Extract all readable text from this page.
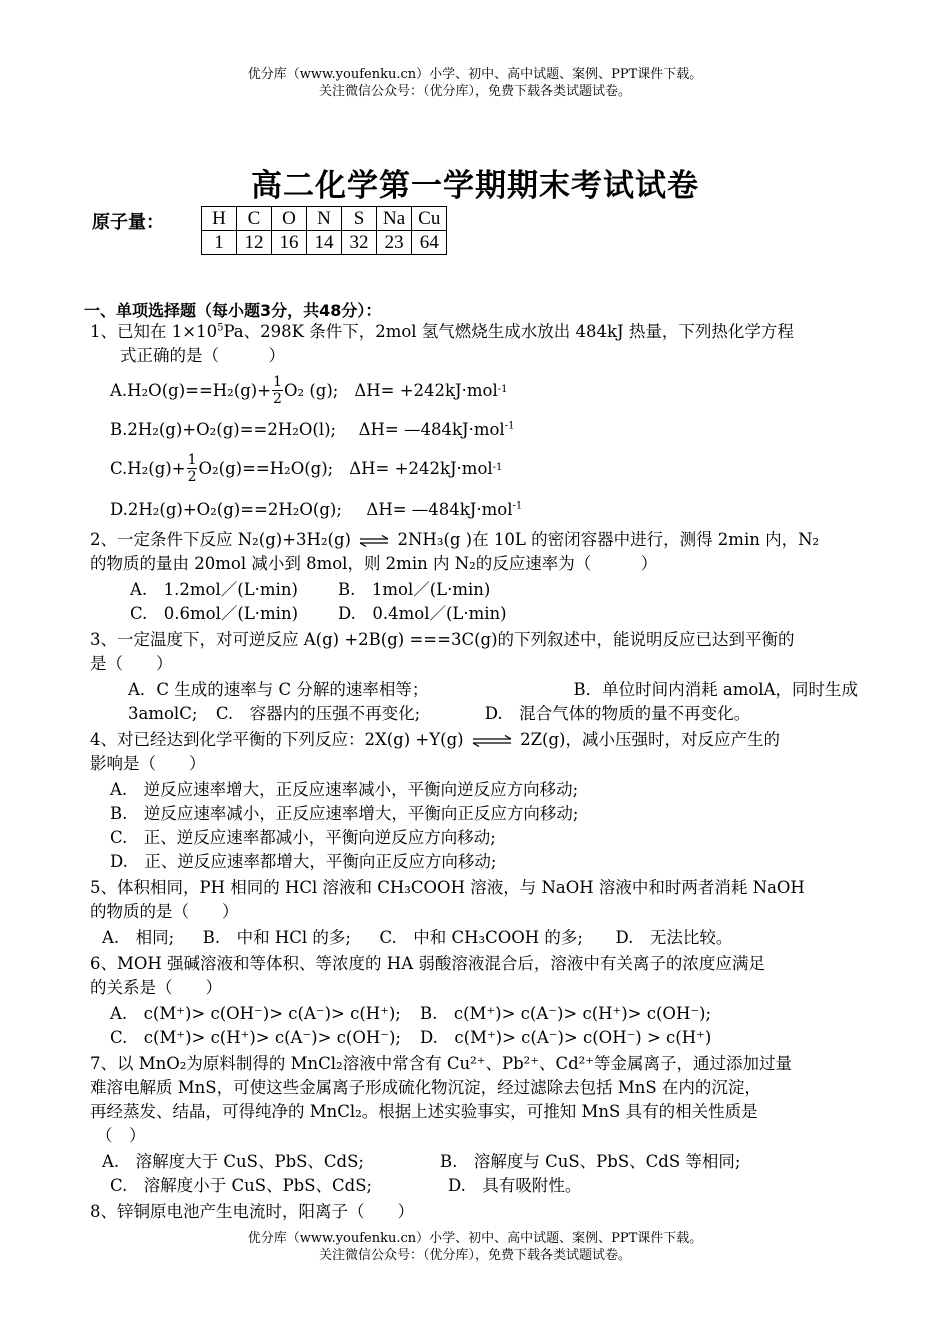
优分库（www.youfenku.cn）小学、初中、高中试题、案例、PPT课件下载。
关注微信公众号：（优分库），免费下载各类试题试卷。
高二化学第一学期期末考试试卷
原子量：	H	C	O	N	S	Na	Cu
1	12	16	14	32	23	64
一、单项选择题（每小题3分，共48分）：
1、已知在 $1\times 10^5Pa$、298K 条件下，2mol 氢气燃烧生成水放出 484kJ 热量，下列热化学方程
式正确的是（　　　）
$A.H_2O(g)==H_2(g)+ \frac{1}{2} O_2$ (g); ΔH= +242kJ·mol -1
B.2H₂(g)+O₂(g)==2H₂O(l); ΔH= —484kJ·mol$^{-1}$
$C.H_2(g)+ \frac{1}{2} O_2(g)==H_2O(g)$; ΔH= +242kJ·mol -1
D.2H₂(g)+O₂(g)==2H₂O(g); ΔH= —484kJ·mol$^{-1}$
2、一定条件下反应 N₂(g)+3H₂(g) ⇌ 2NH₃(g )在 10L 的密闭容器中进行，测得 2min 内，N₂
的物质的量由 20mol 减小到 8mol，则 2min 内 N₂的反应速率为（　　　）
A.　1.2mol／(L·min) B.　1mol／(L·min)
C.　0.6mol／(L·min) D.　0.4mol／(L·min)
3、一定温度下，对可逆反应 A(g) +2B(g) ===3C(g)的下列叙述中，能说明反应已达到平衡的
是（　　）
A．C 生成的速率与 C 分解的速率相等；	B．单位时间内消耗 amolA，同时生成
3amolC; C.　容器内的压强不再变化;	D.　混合气体的物质的量不再变化。
4、对已经达到化学平衡的下列反应：2X(g) +Y(g) ⇌ 2Z(g)，减小压强时，对反应产生的
影响是（　　）
A.　逆反应速率增大，正反应速率减小，平衡向逆反应方向移动;
B.　逆反应速率减小，正反应速率增大，平衡向正反应方向移动;
C.　正、逆反应速率都减小，平衡向逆反应方向移动;
D.　正、逆反应速率都增大，平衡向正反应方向移动;
5、体积相同，PH 相同的 HCl 溶液和 CH₃COOH 溶液，与 NaOH 溶液中和时两者消耗 NaOH
的物质的是（　　）
A.　相同; B.　中和 HCl 的多; C.　中和 CH₃COOH 的多; D.　无法比较。
6、MOH 强碱溶液和等体积、等浓度的 HA 弱酸溶液混合后，溶液中有关离子的浓度应满足
的关系是（　　）
A.　c(M⁺)> c(OH⁻)> c(A⁻)> c(H⁺); B.　c(M⁺)> c(A⁻)> c(H⁺)> c(OH⁻);
C.　c(M⁺)> c(H⁺)> c(A⁻)> c(OH⁻); D.　c(M⁺)> c(A⁻)> c(OH⁻) > c(H⁺)
7、以 MnO₂为原料制得的 MnCl₂溶液中常含有 Cu²⁺、Pb²⁺、Cd²⁺等金属离子，通过添加过量
难溶电解质 MnS，可使这些金属离子形成硫化物沉淀，经过滤除去包括 MnS 在内的沉淀，
再经蒸发、结晶，可得纯净的 MnCl₂。根据上述实验事实，可推知 MnS 具有的相关性质是
（　）
A.　溶解度大于 CuS、PbS、CdS;	B.　溶解度与 CuS、PbS、CdS 等相同;
C.　溶解度小于 CuS、PbS、CdS;	D.　具有吸附性。
8、锌铜原电池产生电流时，阳离子（　　）
优分库（www.youfenku.cn）小学、初中、高中试题、案例、PPT课件下载。
关注微信公众号：（优分库），免费下载各类试题试卷。
